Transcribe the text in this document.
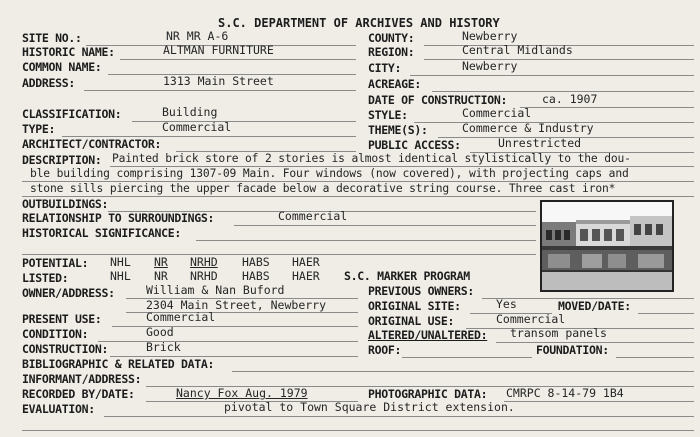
S.C. DEPARTMENT OF ARCHIVES AND HISTORY
SITE NO.:	NR MR A-6
HISTORIC NAME:	ALTMAN FURNITURE
COMMON NAME:
ADDRESS:	1313 Main Street
COUNTY:	Newberry
REGION:	Central Midlands
CITY:	Newberry
ACREAGE:
DATE OF CONSTRUCTION:	ca. 1907
CLASSIFICATION:	Building
TYPE:	Commercial
STYLE:	Commercial
THEME(S):	Commerce & Industry
ARCHITECT/CONTRACTOR:	PUBLIC ACCESS:	Unrestricted
DESCRIPTION: Painted brick store of 2 stories is almost identical stylistically to the dou-
ble building comprising 1307-09 Main. Four windows (now covered), with projecting caps and
stone sills piercing the upper facade below a decorative string course. Three cast iron*
OUTBUILDINGS:
RELATIONSHIP TO SURROUNDINGS:	Commercial
HISTORICAL SIGNIFICANCE:
POTENTIAL: NHL NR NRHD HABS HAER
LISTED:	NHL NR NRHD HABS HAER S.C. MARKER PROGRAM
OWNER/ADDRESS:	William & Nan Buford
2304 Main Street, Newberry
PREVIOUS OWNERS:
ORIGINAL SITE:	Yes	MOVED/DATE:
PRESENT USE:	Commercial	ORIGINAL USE:	Commercial
CONDITION:	Good	ALTERED/UNALTERED: transom panels
CONSTRUCTION:	Brick	ROOF:	FOUNDATION:
BIBLIOGRAPHIC & RELATED DATA:
INFORMANT/ADDRESS:
RECORDED BY/DATE:	Nancy Fox Aug. 1979	PHOTOGRAPHIC DATA: CMRPC 8-14-79 1B4
EVALUATION:	pivotal to Town Square District extension.
